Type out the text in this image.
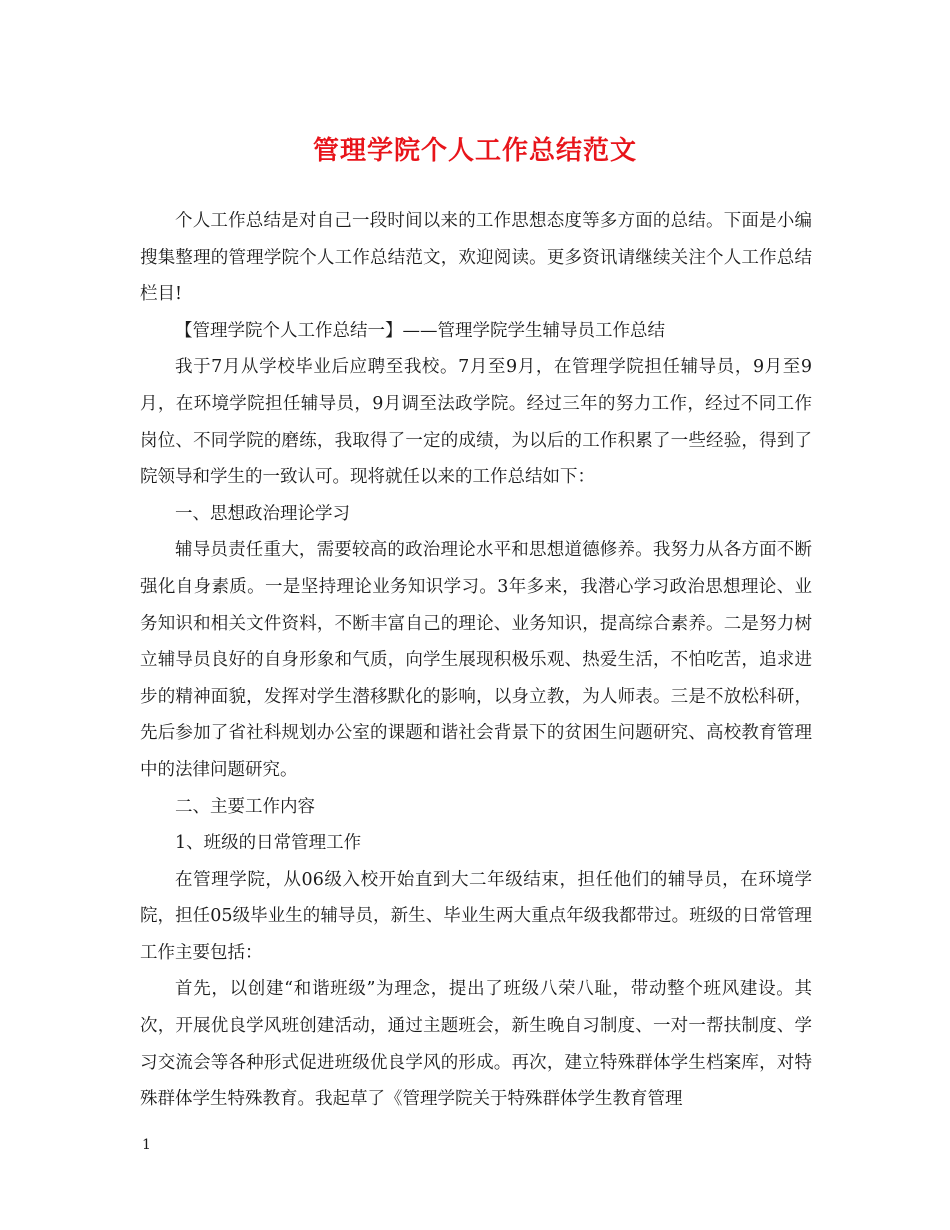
管理学院个人工作总结范文

个人工作总结是对自己一段时间以来的工作思想态度等多方面的总结。下面是小编搜集整理的管理学院个人工作总结范文，欢迎阅读。更多资讯请继续关注个人工作总结栏目!

【管理学院个人工作总结一】——管理学院学生辅导员工作总结

我于7月从学校毕业后应聘至我校。7月至9月，在管理学院担任辅导员，9月至9月，在环境学院担任辅导员，9月调至法政学院。经过三年的努力工作，经过不同工作岗位、不同学院的磨练，我取得了一定的成绩，为以后的工作积累了一些经验，得到了院领导和学生的一致认可。现将就任以来的工作总结如下：

一、思想政治理论学习

辅导员责任重大，需要较高的政治理论水平和思想道德修养。我努力从各方面不断强化自身素质。一是坚持理论业务知识学习。3年多来，我潜心学习政治思想理论、业务知识和相关文件资料，不断丰富自己的理论、业务知识，提高综合素养。二是努力树立辅导员良好的自身形象和气质，向学生展现积极乐观、热爱生活，不怕吃苦，追求进步的精神面貌，发挥对学生潜移默化的影响，以身立教，为人师表。三是不放松科研，先后参加了省社科规划办公室的课题和谐社会背景下的贫困生问题研究、高校教育管理中的法律问题研究。

二、主要工作内容

1、班级的日常管理工作

在管理学院，从06级入校开始直到大二年级结束，担任他们的辅导员，在环境学院，担任05级毕业生的辅导员，新生、毕业生两大重点年级我都带过。班级的日常管理工作主要包括：

首先，以创建“和谐班级”为理念，提出了班级八荣八耻，带动整个班风建设。其次，开展优良学风班创建活动，通过主题班会，新生晚自习制度、一对一帮扶制度、学习交流会等各种形式促进班级优良学风的形成。再次，建立特殊群体学生档案库，对特殊群体学生特殊教育。我起草了《管理学院关于特殊群体学生教育管理

1
